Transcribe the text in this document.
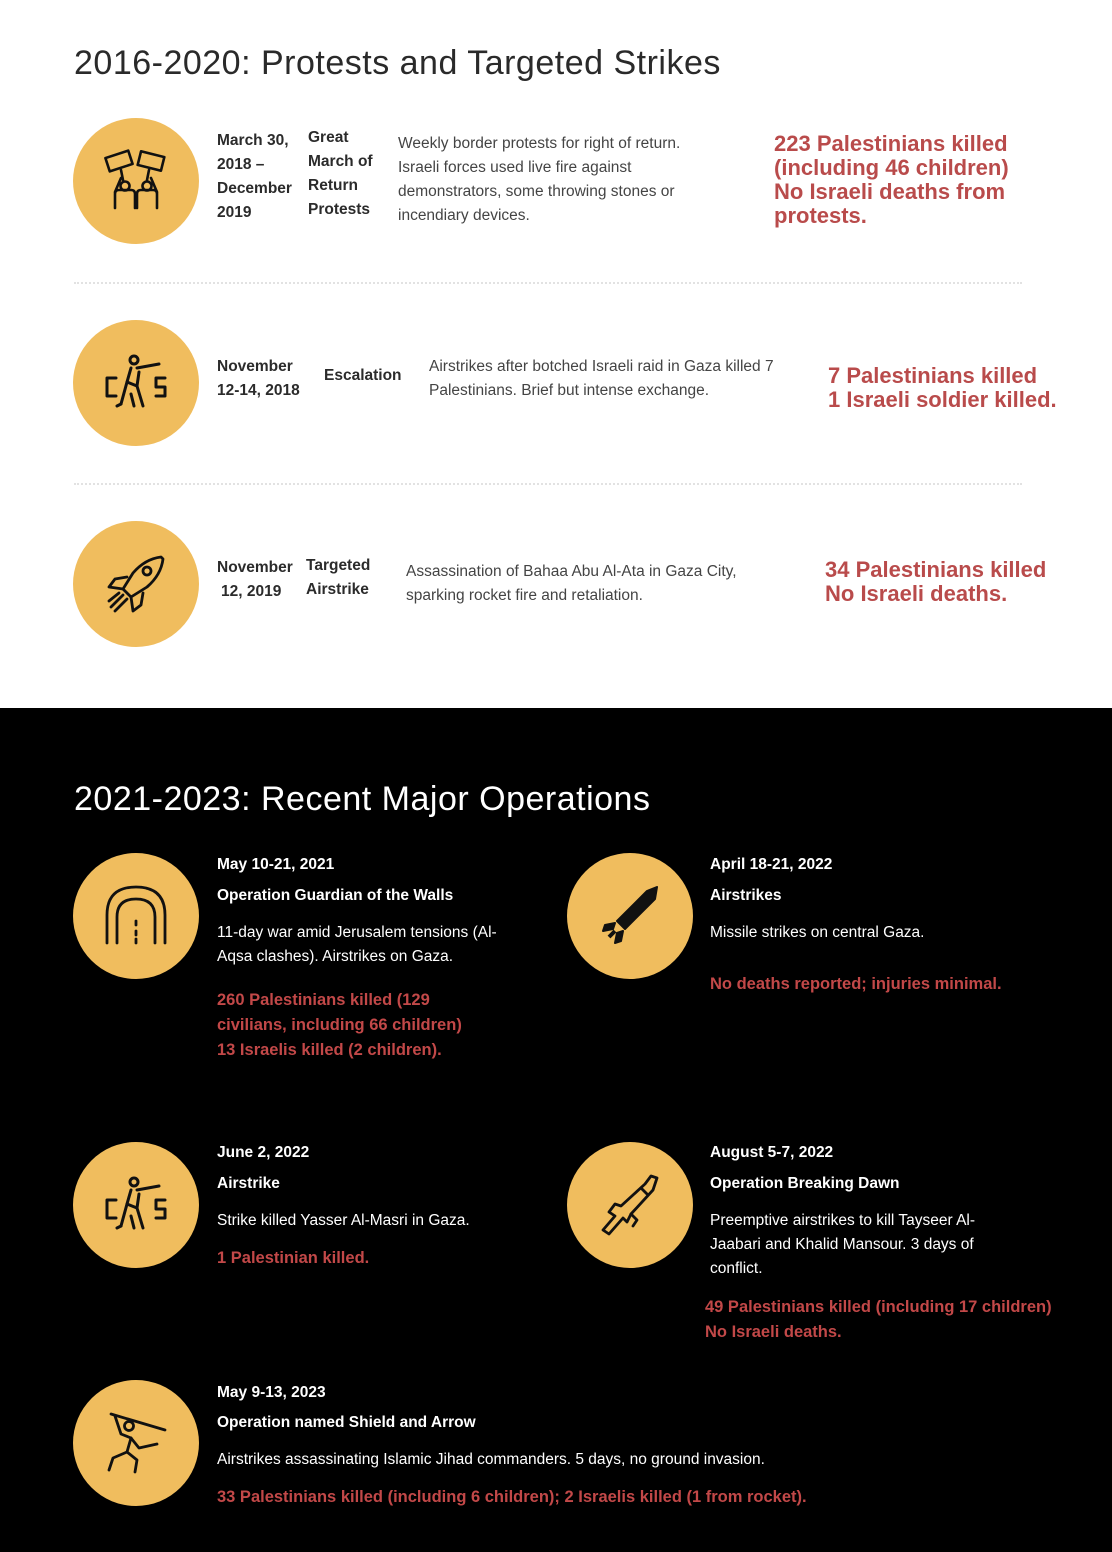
2016-2020: Protests and Targeted Strikes
March 30,
2018 –
December
2019
Great
March of
Return
Protests
Weekly border protests for right of return.
Israeli forces used live fire against
demonstrators, some throwing stones or
incendiary devices.
223 Palestinians killed
(including 46 children)
No Israeli deaths from
protests.
November
12-14, 2018
Escalation
Airstrikes after botched Israeli raid in Gaza killed 7
Palestinians. Brief but intense exchange.
7 Palestinians killed
1 Israeli soldier killed.
November
12, 2019
Targeted
Airstrike
Assassination of Bahaa Abu Al-Ata in Gaza City,
sparking rocket fire and retaliation.
34 Palestinians killed
No Israeli deaths.
2021-2023: Recent Major Operations
May 10-21, 2021
Operation Guardian of the Walls
11-day war amid Jerusalem tensions (Al-
Aqsa clashes). Airstrikes on Gaza.
260 Palestinians killed (129
civilians, including 66 children)
13 Israelis killed (2 children).
April 18-21, 2022
Airstrikes
Missile strikes on central Gaza.
No deaths reported; injuries minimal.
June 2, 2022
Airstrike
Strike killed Yasser Al-Masri in Gaza.
1 Palestinian killed.
August 5-7, 2022
Operation Breaking Dawn
Preemptive airstrikes to kill Tayseer Al-
Jaabari and Khalid Mansour. 3 days of
conflict.
49 Palestinians killed (including 17 children)
No Israeli deaths.
May 9-13, 2023
Operation named Shield and Arrow
Airstrikes assassinating Islamic Jihad commanders. 5 days, no ground invasion.
33 Palestinians killed (including 6 children); 2 Israelis killed (1 from rocket).
